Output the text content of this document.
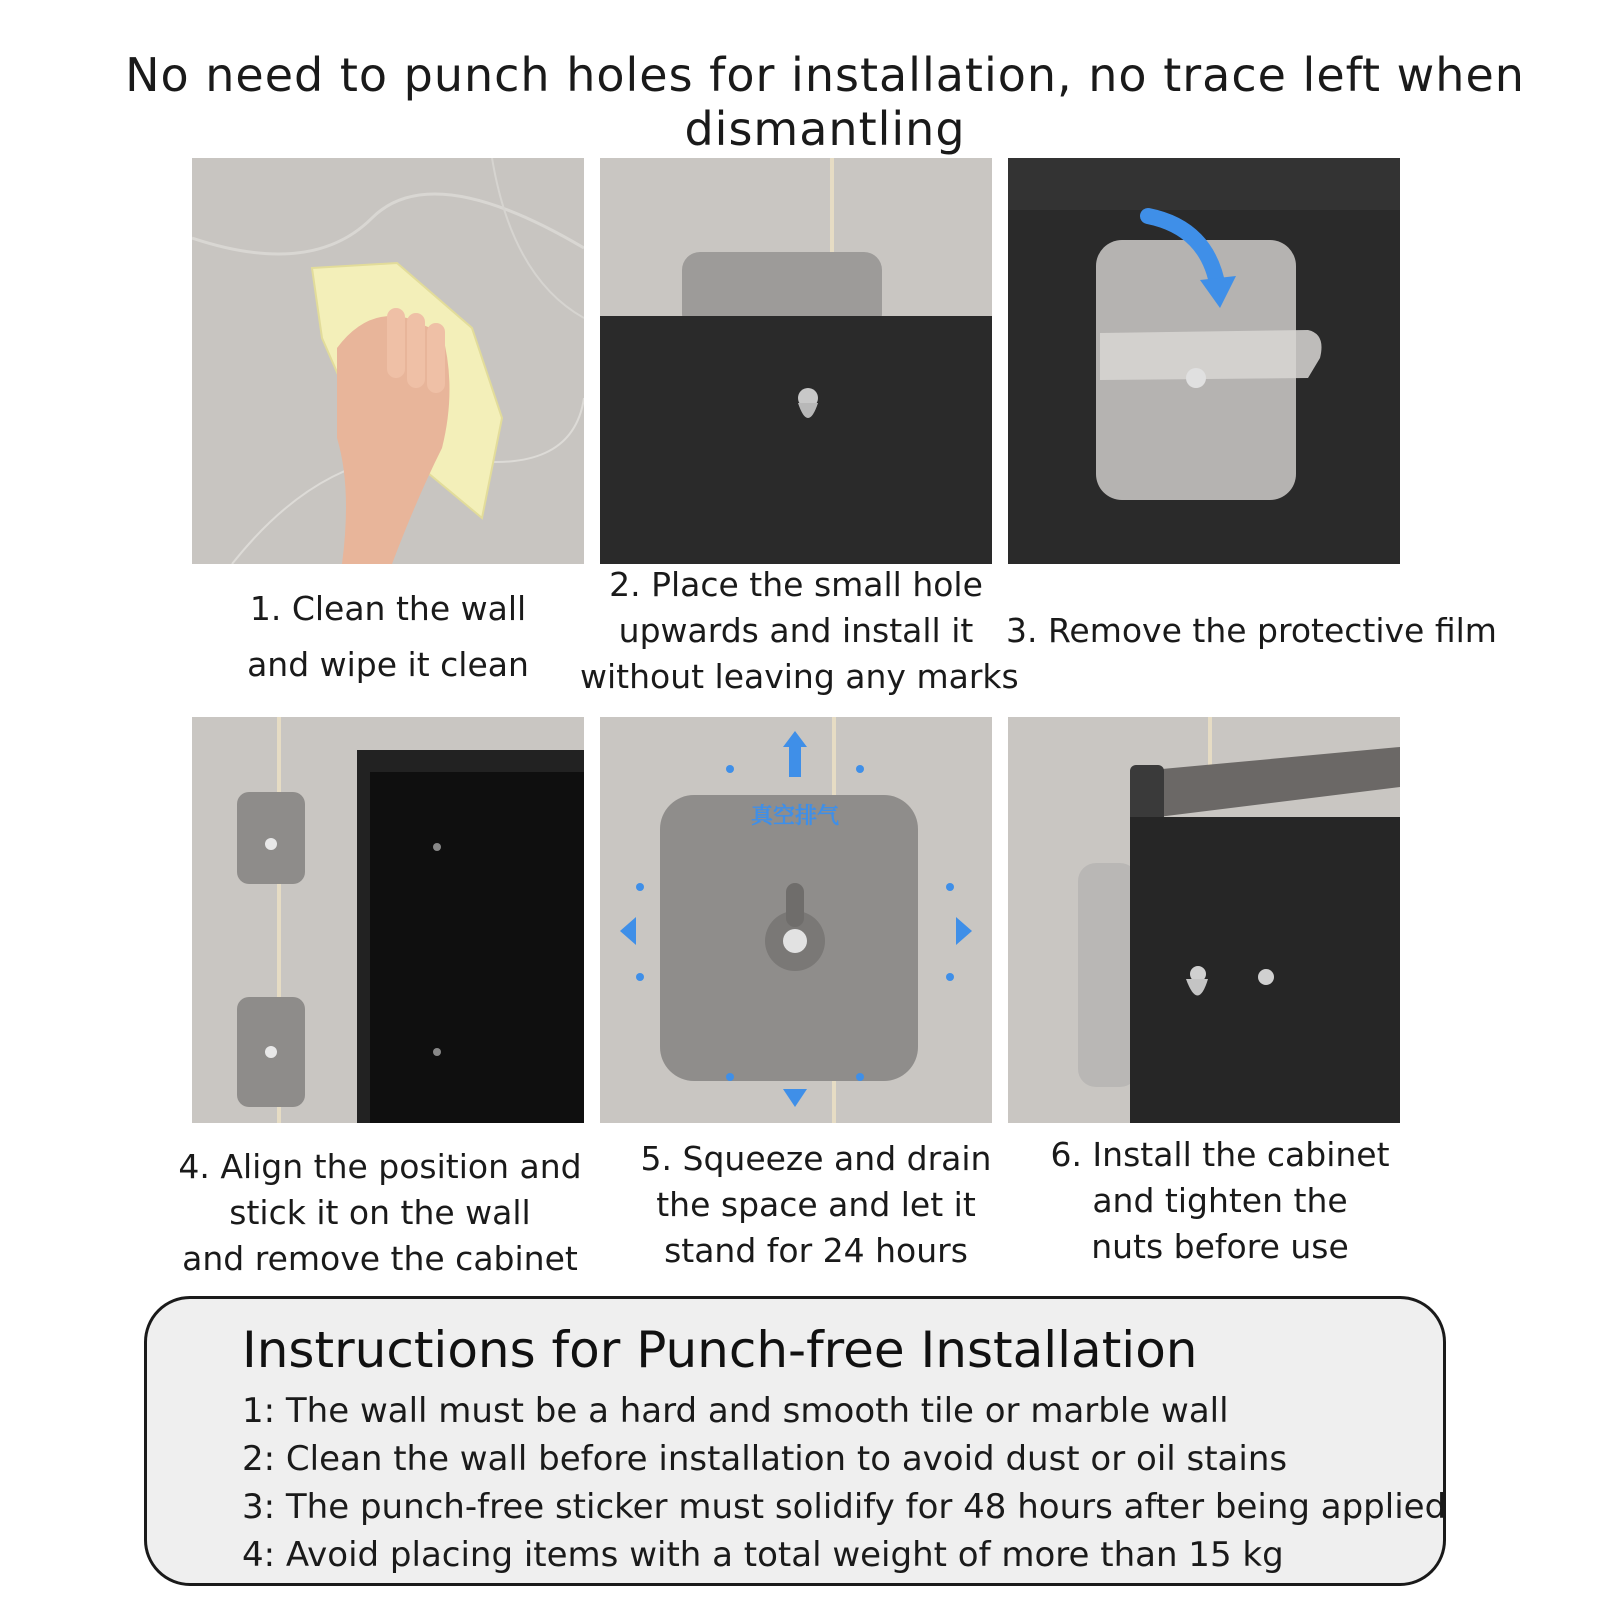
No need to punch holes for installation, no trace left when dismantling
真空排气
1. Clean the wall
and wipe it clean
2. Place the small hole
upwards and install it
without leaving any marks
3. Remove the protective film
4. Align the position and
stick it on the wall
and remove the cabinet
5. Squeeze and drain
the space and let it
stand for 24 hours
6. Install the cabinet
and tighten the
nuts before use
Instructions for Punch-free Installation
1: The wall must be a hard and smooth tile or marble wall
2: Clean the wall before installation to avoid dust or oil stains
3: The punch-free sticker must solidify for 48 hours after being applied
4: Avoid placing items with a total weight of more than 15 kg
